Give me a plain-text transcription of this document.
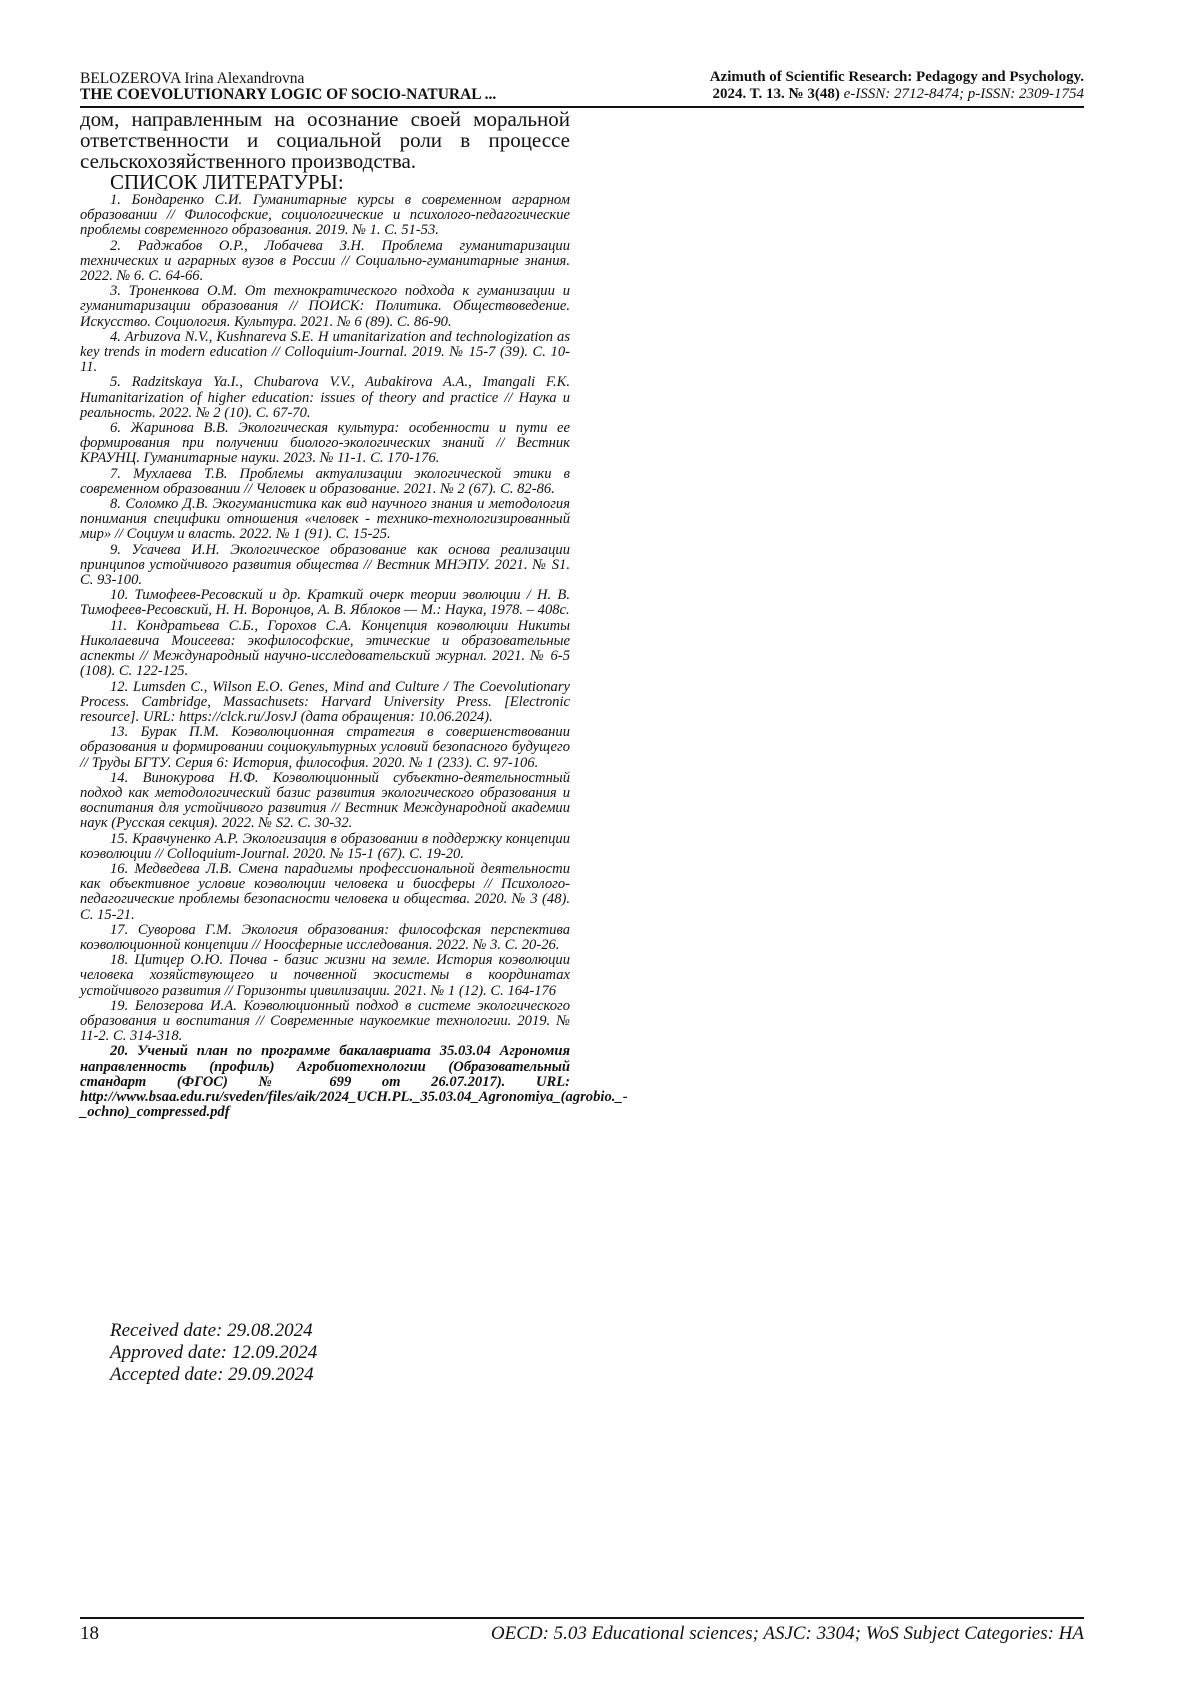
BELOZEROVA Irina Alexandrovna
THE COEVOLUTIONARY LOGIC OF SOCIO-NATURAL ...
Azimuth of Scientific Research: Pedagogy and Psychology.
2024. T. 13. № 3(48) e-ISSN: 2712-8474; p-ISSN: 2309-1754

дом, направленным на осознание своей моральной ответственности и социальной роли в процессе сельскохозяйственного производства.

СПИСОК ЛИТЕРАТУРЫ:

1. Бондаренко С.И. Гуманитарные курсы в современном аграрном образовании // Философские, социологические и психолого-педагогические проблемы современного образования. 2019. № 1. С. 51-53.
2. Раджабов О.Р., Лобачева З.Н. Проблема гуманитаризации технических и аграрных вузов в России // Социально-гуманитарные знания. 2022. № 6. С. 64-66.
3. Троненкова О.М. От технократического подхода к гуманизации и гуманитаризации образования // ПОИСК: Политика. Обществоведение. Искусство. Социология. Культура. 2021. № 6 (89). С. 86-90.
4. Arbuzova N.V., Kushnareva S.E. H umanitarization and technologization as key trends in modern education // Colloquium-Journal. 2019. № 15-7 (39). С. 10-11.
5. Radzitskaya Ya.I., Chubarova V.V., Aubakirova A.A., Imangali F.K. Humanitarization of higher education: issues of theory and practice // Наука и реальность. 2022. № 2 (10). С. 67-70.
6. Жаринова В.В. Экологическая культура: особенности и пути ее формирования при получении биолого-экологических знаний // Вестник КРАУНЦ. Гуманитарные науки. 2023. № 11-1. С. 170-176.
7. Мухлаева Т.В. Проблемы актуализации экологической этики в современном образовании // Человек и образование. 2021. № 2 (67). С. 82-86.
8. Соломко Д.В. Экогуманистика как вид научного знания и методология понимания специфики отношения «человек - технико-технологизированный мир» // Социум и власть. 2022. № 1 (91). С. 15-25.
9. Усачева И.Н. Экологическое образование как основа реализации принципов устойчивого развития общества // Вестник МНЭПУ. 2021. № S1. С. 93-100.
10. Тимофеев-Ресовский и др. Краткий очерк теории эволюции / Н. В. Тимофеев-Ресовский, Н. Н. Воронцов, А. В. Яблоков — М.: Наука, 1978. – 408с.
11. Кондратьева С.Б., Горохов С.А. Концепция коэволюции Никиты Николаевича Моисеева: экофилософские, этические и образовательные аспекты // Международный научно-исследовательский журнал. 2021. № 6-5 (108). С. 122-125.
12. Lumsden C., Wilson E.O. Genes, Mind and Culture / The Coevolutionary Process. Cambridge, Massachusets: Harvard University Press. [Electronic resource]. URL: https://clck.ru/JosvJ (дата обращения: 10.06.2024).
13. Бурак П.М. Коэволюционная стратегия в совершенствовании образования и формировании социокультурных условий безопасного будущего // Труды БГТУ. Серия 6: История, философия. 2020. № 1 (233). С. 97-106.
14. Винокурова Н.Ф. Коэволюционный субъектно-деятельностный подход как методологический базис развития экологического образования и воспитания для устойчивого развития // Вестник Международной академии наук (Русская секция). 2022. № S2. С. 30-32.
15. Кравчуненко А.Р. Экологизация в образовании в поддержку концепции коэволюции // Colloquium-Journal. 2020. № 15-1 (67). С. 19-20.
16. Медведева Л.В. Смена парадигмы профессиональной деятельности как объективное условие коэволюции человека и биосферы // Психолого-педагогические проблемы безопасности человека и общества. 2020. № 3 (48). С. 15-21.
17. Суворова Г.М. Экология образования: философская перспектива коэволюционной концепции // Ноосферные исследования. 2022. № 3. С. 20-26.
18. Цитцер О.Ю. Почва - базис жизни на земле. История коэволюции человека хозяйствующего и почвенной экосистемы в координатах устойчивого развития // Горизонты цивилизации. 2021. № 1 (12). С. 164-176
19. Белозерова И.А. Коэволюционный подход в системе экологического образования и воспитания // Современные наукоемкие технологии. 2019. № 11-2. С. 314-318.
20. Ученый план по программе бакалавриата 35.03.04 Агрономия направленность (профиль) Агробиотехнологии (Образовательный стандарт (ФГОС) № 699 от 26.07.2017). URL: http://www.bsaa.edu.ru/sveden/files/aik/2024_UCH.PL._35.03.04_Agronomiya_(agrobio._-_ochno)_compressed.pdf
Received date: 29.08.2024
Approved date: 12.09.2024
Accepted date: 29.09.2024
18	OECD: 5.03 Educational sciences; ASJC: 3304; WoS Subject Categories: HA
